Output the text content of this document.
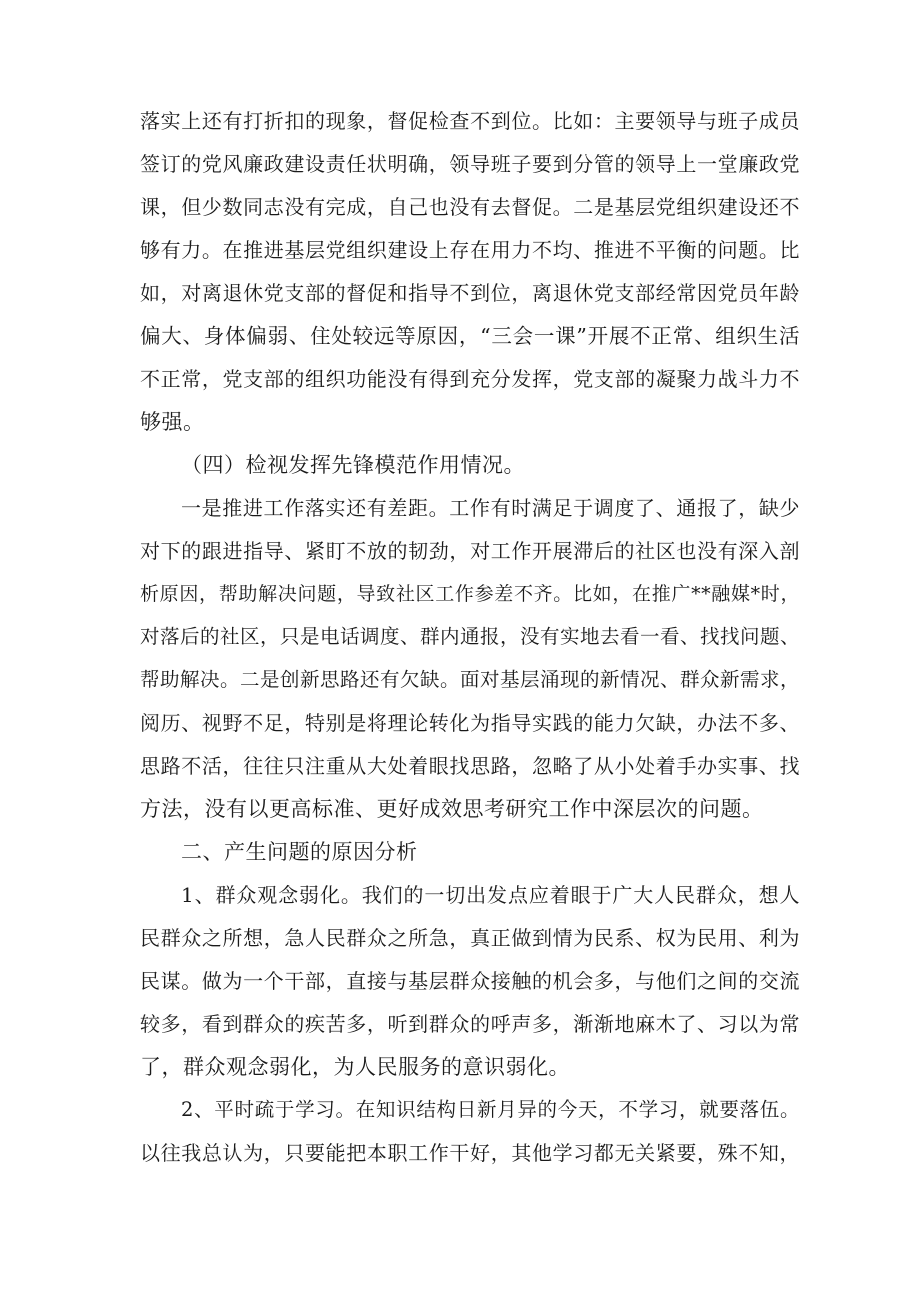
落实上还有打折扣的现象，督促检查不到位。比如：主要领导与班子成员
签订的党风廉政建设责任状明确，领导班子要到分管的领导上一堂廉政党
课，但少数同志没有完成，自己也没有去督促。二是基层党组织建设还不
够有力。在推进基层党组织建设上存在用力不均、推进不平衡的问题。比
如，对离退休党支部的督促和指导不到位，离退休党支部经常因党员年龄
偏大、身体偏弱、住处较远等原因，“三会一课”开展不正常、组织生活
不正常，党支部的组织功能没有得到充分发挥，党支部的凝聚力战斗力不
够强。
（四）检视发挥先锋模范作用情况。
一是推进工作落实还有差距。工作有时满足于调度了、通报了，缺少
对下的跟进指导、紧盯不放的韧劲，对工作开展滞后的社区也没有深入剖
析原因，帮助解决问题，导致社区工作参差不齐。比如，在推广**融媒*时，
对落后的社区，只是电话调度、群内通报，没有实地去看一看、找找问题、
帮助解决。二是创新思路还有欠缺。面对基层涌现的新情况、群众新需求，
阅历、视野不足，特别是将理论转化为指导实践的能力欠缺，办法不多、
思路不活，往往只注重从大处着眼找思路，忽略了从小处着手办实事、找
方法，没有以更高标准、更好成效思考研究工作中深层次的问题。
二、产生问题的原因分析
1、群众观念弱化。我们的一切出发点应着眼于广大人民群众，想人
民群众之所想，急人民群众之所急，真正做到情为民系、权为民用、利为
民谋。做为一个干部，直接与基层群众接触的机会多，与他们之间的交流
较多，看到群众的疾苦多，听到群众的呼声多，渐渐地麻木了、习以为常
了，群众观念弱化，为人民服务的意识弱化。
2、平时疏于学习。在知识结构日新月异的今天，不学习，就要落伍。
以往我总认为，只要能把本职工作干好，其他学习都无关紧要，殊不知，
